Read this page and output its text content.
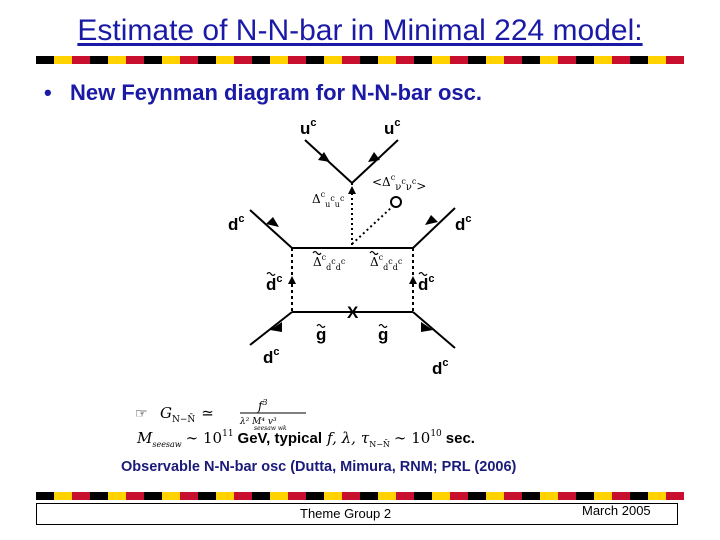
Estimate of N-N-bar in Minimal 224 model:
• New Feynman diagram for N-N-bar osc.
$u^c$	$u^c$
$d^c$	$d^c$
$d^c$	$d^c$
X
g	g
$d^c$
$d^c$
$\Delta^c_u^c_u^c$
$<\Delta^c_\nu^c_\nu^c>$
$\Delta^c_d^c_d^c$ $\Delta^c_d^c_d^c$
☞ $G_{N-N̄}$ ≃	$f^3$
λ² M⁴ v³
seesaw wk
$M_{seesaw}$ ∼ $10^{11}$ GeV, typical f, λ, $\tau_{N-N̄}$ ∼ $10^{10}$ sec.
Observable N-N-bar osc (Dutta, Mimura, RNM; PRL (2006)
Theme Group 2	March 2005
